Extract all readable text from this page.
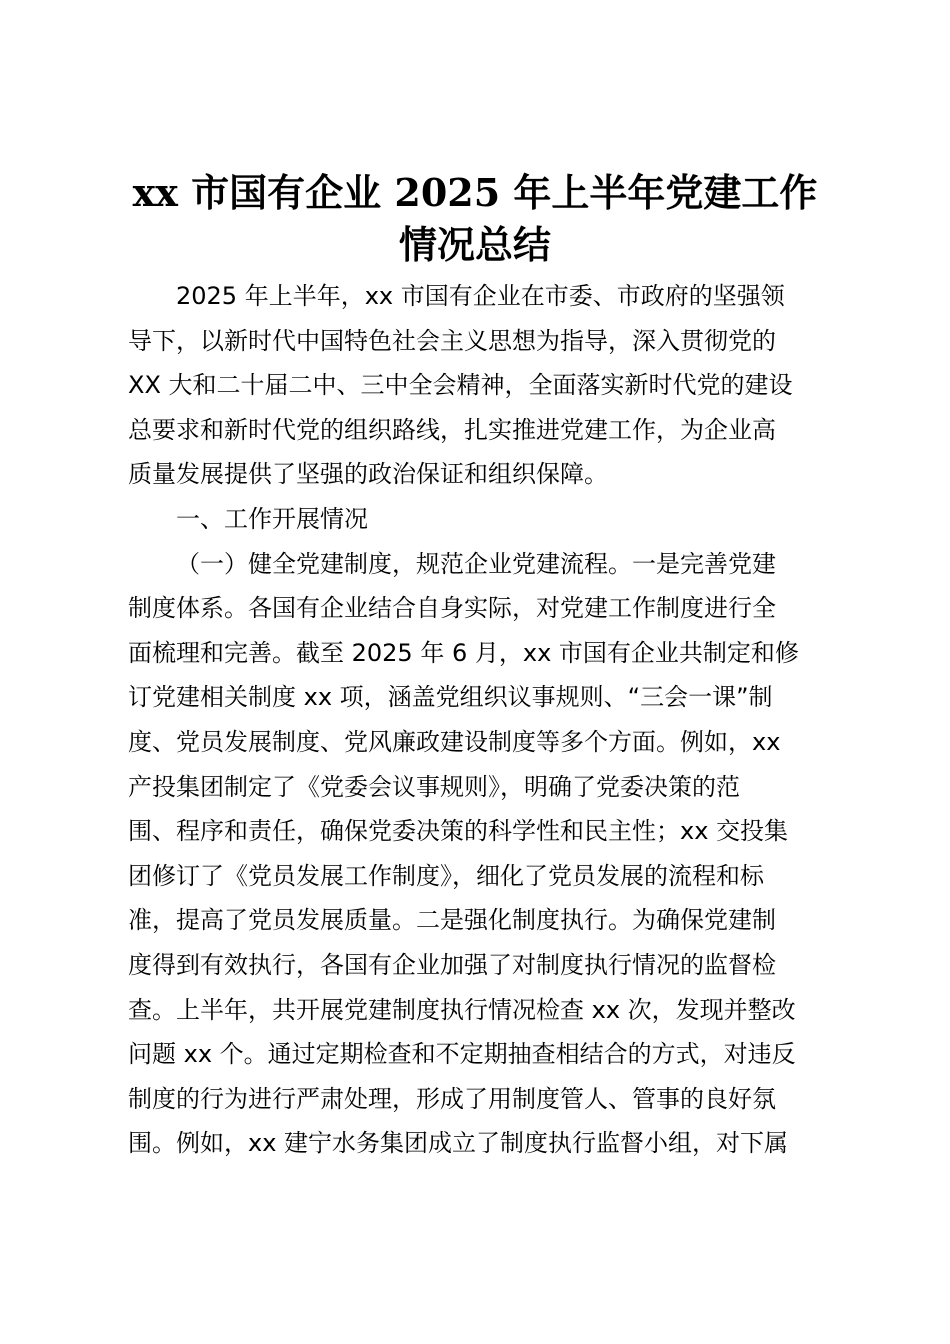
xx 市国有企业 2025 年上半年党建工作
情况总结
2025 年上半年，xx 市国有企业在市委、市政府的坚强领
导下，以新时代中国特色社会主义思想为指导，深入贯彻党的
XX 大和二十届二中、三中全会精神，全面落实新时代党的建设
总要求和新时代党的组织路线，扎实推进党建工作，为企业高
质量发展提供了坚强的政治保证和组织保障。
一、工作开展情况
（一）健全党建制度，规范企业党建流程。一是完善党建
制度体系。各国有企业结合自身实际，对党建工作制度进行全
面梳理和完善。截至 2025 年 6 月，xx 市国有企业共制定和修
订党建相关制度 xx 项，涵盖党组织议事规则、“三会一课”制
度、党员发展制度、党风廉政建设制度等多个方面。例如，xx
产投集团制定了《党委会议事规则》，明确了党委决策的范
围、程序和责任，确保党委决策的科学性和民主性；xx 交投集
团修订了《党员发展工作制度》，细化了党员发展的流程和标
准，提高了党员发展质量。二是强化制度执行。为确保党建制
度得到有效执行，各国有企业加强了对制度执行情况的监督检
查。上半年，共开展党建制度执行情况检查 xx 次，发现并整改
问题 xx 个。通过定期检查和不定期抽查相结合的方式，对违反
制度的行为进行严肃处理，形成了用制度管人、管事的良好氛
围。例如，xx 建宁水务集团成立了制度执行监督小组，对下属
